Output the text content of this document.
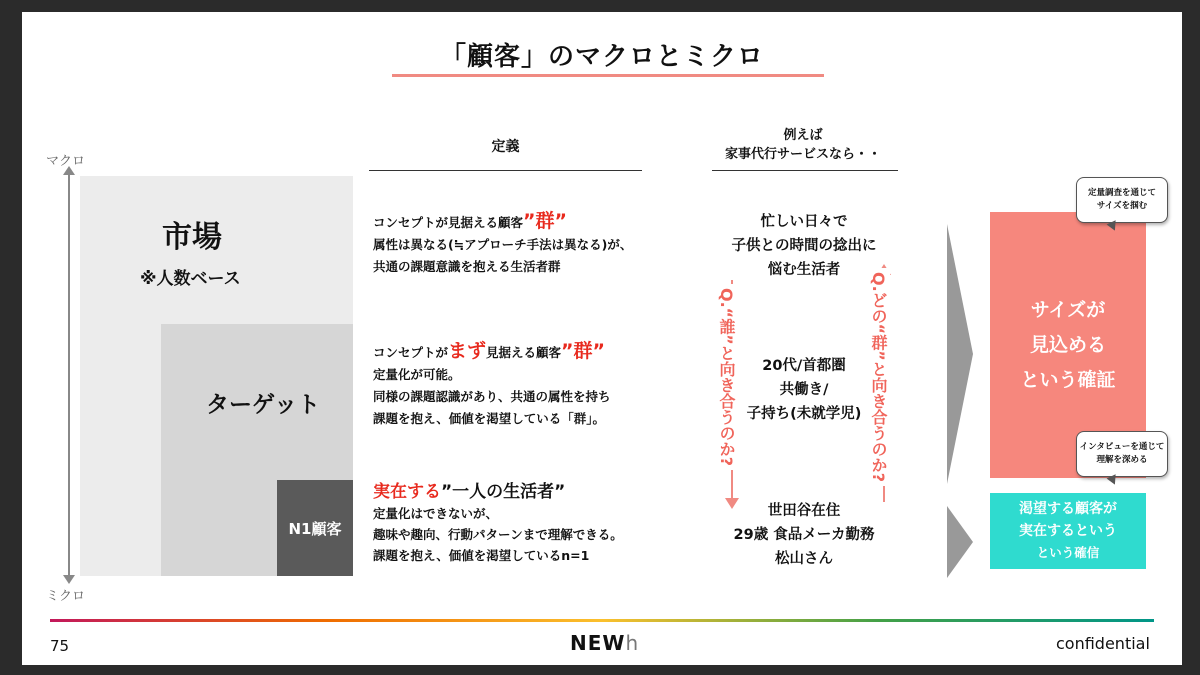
「顧客」のマクロとミクロ
マクロ
ミクロ
N1顧客
市場
※人数ベース
ターゲット
定義
例えば
家事代行サービスなら・・
コンセプトが見据える顧客”群”
属性は異なる(≒アプローチ手法は異なる)が、
共通の課題意識を抱える生活者群
コンセプトがまず見据える顧客”群”
定量化が可能。
同様の課題認識があり、共通の属性を持ち
課題を抱え、価値を渇望している「群」。
実在する”一人の生活者”
定量化はできないが、
趣味や趣向、行動パターンまで理解できる。
課題を抱え、価値を渇望しているn=1
Q.“誰”と向き合うのか?	Q.どの“群”と向き合うのか?
忙しい日々で
子供との時間の捻出に
悩む生活者
20代/首都圏
共働き/
子持ち(未就学児)
世田谷在住
29歳 食品メーカ勤務
松山さん
サイズが
見込める
という確証
渇望する顧客が
実在するという
という確信
定量調査を通じて
サイズを掴む
インタビューを通じて
理解を深める
75	NEWh	confidential
